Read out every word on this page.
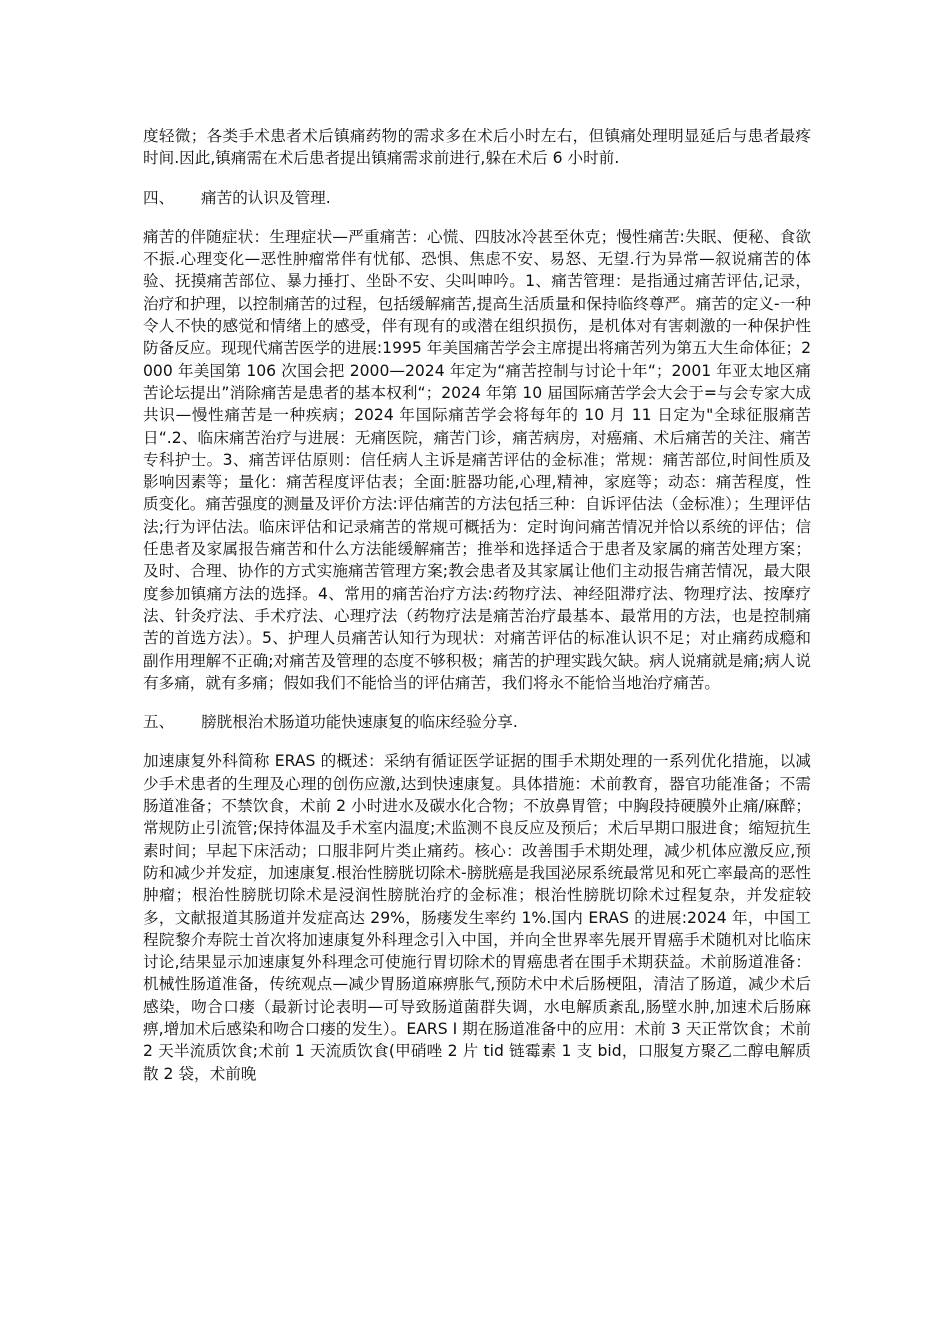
度轻微；各类手术患者术后镇痛药物的需求多在术后小时左右，但镇痛处理明显延后与患者最疼时间.因此,镇痛需在术后患者提出镇痛需求前进行,躲在术后 6 小时前.

四、 痛苦的认识及管理.

痛苦的伴随症状：生理症状—严重痛苦：心慌、四肢冰冷甚至休克；慢性痛苦:失眠、便秘、食欲不振.心理变化—恶性肿瘤常伴有忧郁、恐惧、焦虑不安、易怒、无望.行为异常—叙说痛苦的体验、抚摸痛苦部位、暴力捶打、坐卧不安、尖叫呻吟。1、痛苦管理：是指通过痛苦评估,记录，治疗和护理，以控制痛苦的过程，包括缓解痛苦,提高生活质量和保持临终尊严。痛苦的定义-一种令人不快的感觉和情绪上的感受，伴有现有的或潜在组织损伤，是机体对有害刺激的一种保护性防备反应。现现代痛苦医学的进展:1995 年美国痛苦学会主席提出将痛苦列为第五大生命体征；2000 年美国第 106 次国会把 2000—2024 年定为“痛苦控制与讨论十年“；2001 年亚太地区痛苦论坛提出”消除痛苦是患者的基本权利“；2024 年第 10 届国际痛苦学会大会于=与会专家大成共识—慢性痛苦是一种疾病；2024 年国际痛苦学会将每年的 10 月 11 日定为"全球征服痛苦日“.2、临床痛苦治疗与进展：无痛医院，痛苦门诊，痛苦病房，对癌痛、术后痛苦的关注、痛苦专科护士。3、痛苦评估原则：信任病人主诉是痛苦评估的金标准；常规：痛苦部位,时间性质及影响因素等；量化：痛苦程度评估表；全面:脏器功能,心理,精神，家庭等；动态：痛苦程度，性质变化。痛苦强度的测量及评价方法:评估痛苦的方法包括三种：自诉评估法（金标准）；生理评估法;行为评估法。临床评估和记录痛苦的常规可概括为：定时询问痛苦情况并恰以系统的评估；信任患者及家属报告痛苦和什么方法能缓解痛苦；推举和选择适合于患者及家属的痛苦处理方案；及时、合理、协作的方式实施痛苦管理方案;教会患者及其家属让他们主动报告痛苦情况，最大限度参加镇痛方法的选择。4、常用的痛苦治疗方法:药物疗法、神经阻滞疗法、物理疗法、按摩疗法、针灸疗法、手术疗法、心理疗法（药物疗法是痛苦治疗最基本、最常用的方法，也是控制痛苦的首选方法）。5、护理人员痛苦认知行为现状：对痛苦评估的标准认识不足；对止痛药成瘾和副作用理解不正确;对痛苦及管理的态度不够积极；痛苦的护理实践欠缺。病人说痛就是痛;病人说有多痛，就有多痛；假如我们不能恰当的评估痛苦，我们将永不能恰当地治疗痛苦。

五、 膀胱根治术肠道功能快速康复的临床经验分享.

加速康复外科简称 ERAS 的概述：采纳有循证医学证据的围手术期处理的一系列优化措施，以减少手术患者的生理及心理的创伤应激,达到快速康复。具体措施：术前教育，器官功能准备；不需肠道准备；不禁饮食，术前 2 小时进水及碳水化合物；不放鼻胃管；中胸段持硬膜外止痛/麻醉；常规防止引流管;保持体温及手术室内温度;术监测不良反应及预后；术后早期口服进食；缩短抗生素时间；早起下床活动；口服非阿片类止痛药。核心：改善围手术期处理，减少机体应激反应,预防和减少并发症，加速康复.根治性膀胱切除术-膀胱癌是我国泌尿系统最常见和死亡率最高的恶性肿瘤；根治性膀胱切除术是浸润性膀胱治疗的金标准；根治性膀胱切除术过程复杂，并发症较多，文献报道其肠道并发症高达 29%，肠瘘发生率约 1%.国内 ERAS 的进展:2024 年，中国工程院黎介寿院士首次将加速康复外科理念引入中国，并向全世界率先展开胃癌手术随机对比临床讨论,结果显示加速康复外科理念可使施行胃切除术的胃癌患者在围手术期获益。术前肠道准备：机械性肠道准备，传统观点—减少胃肠道麻痹胀气,预防术中术后肠梗阻，清洁了肠道，减少术后感染，吻合口瘘（最新讨论表明—可导致肠道菌群失调，水电解质紊乱,肠壁水肿,加速术后肠麻痹,增加术后感染和吻合口瘘的发生）。EARS I 期在肠道准备中的应用：术前 3 天正常饮食；术前 2 天半流质饮食;术前 1 天流质饮食(甲硝唑 2 片 tid 链霉素 1 支 bid，口服复方聚乙二醇电解质散 2 袋，术前晚
